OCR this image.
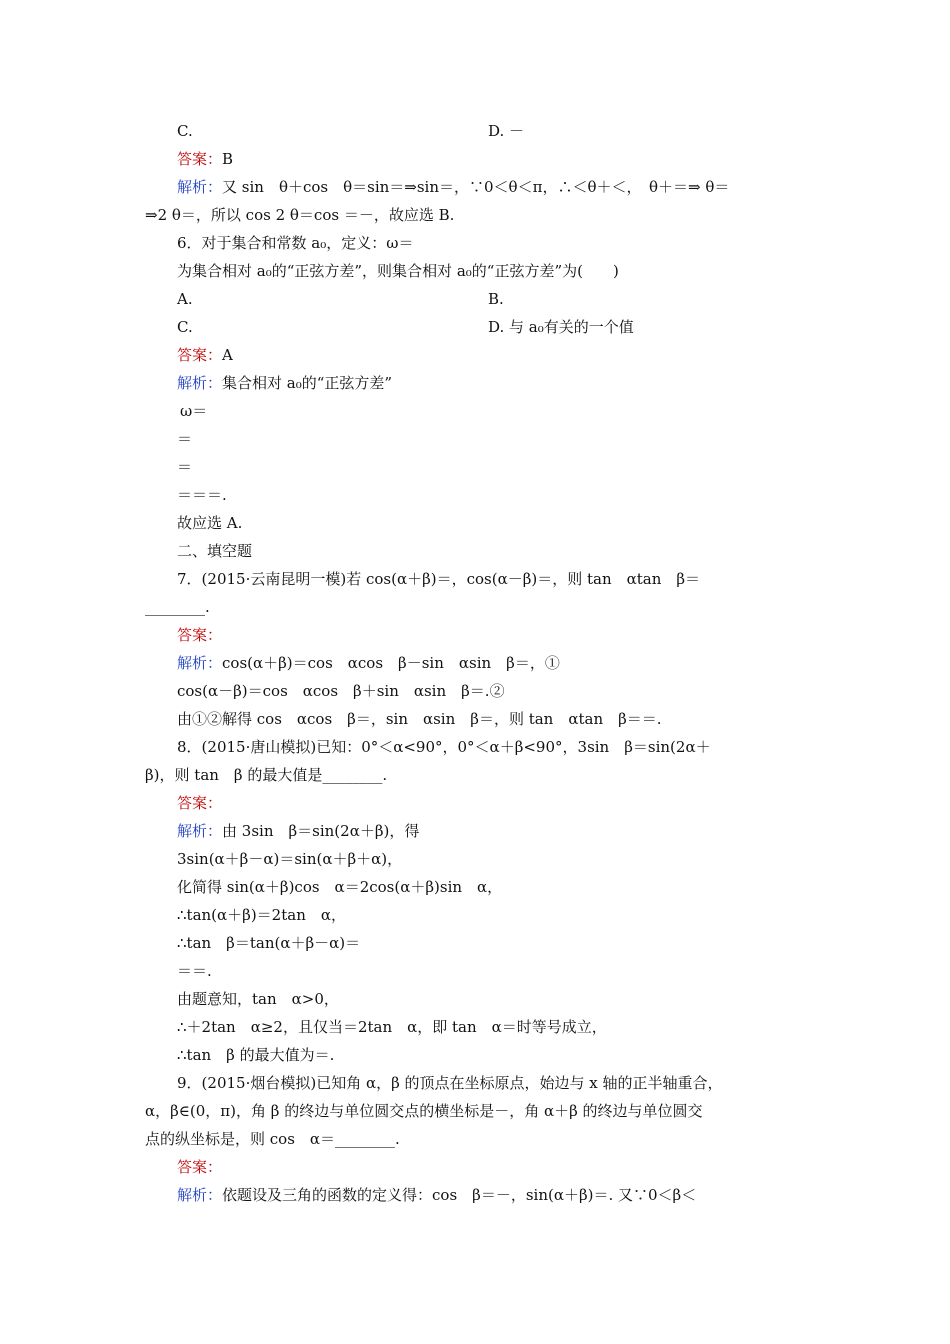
C.	D. －
答案：B
解析：又 sin　θ＋cos　θ＝sin＝⇒sin＝，∵0＜θ＜π，∴＜θ＋＜，　θ＋＝⇒ θ＝
⇒2 θ＝，所以 cos 2 θ＝cos ＝－，故应选 B.
6．对于集合和常数 a₀，定义：ω＝
为集合相对 a₀的“正弦方差”，则集合相对 a₀的“正弦方差”为(　　)
A.	B.
C.	D. 与 a₀有关的一个值
答案：A
解析：集合相对 a₀的“正弦方差”
ω＝
＝
＝
＝＝＝.
故应选 A.
二、填空题
7．(2015·云南昆明一模)若 cos(α＋β)＝，cos(α－β)＝，则 tan　αtan　β＝
________.
答案：
解析：cos(α＋β)＝cos　αcos　β－sin　αsin　β＝，①
cos(α－β)＝cos　αcos　β＋sin　αsin　β＝.②
由①②解得 cos　αcos　β＝，sin　αsin　β＝，则 tan　αtan　β＝＝.
8．(2015·唐山模拟)已知：0°＜α<90°，0°＜α＋β<90°，3sin　β＝sin(2α＋
β)，则 tan　β 的最大值是________.
答案：
解析：由 3sin　β＝sin(2α＋β)，得
3sin(α＋β－α)＝sin(α＋β＋α)，
化简得 sin(α＋β)cos　α＝2cos(α＋β)sin　α，
∴tan(α＋β)＝2tan　α，
∴tan　β＝tan(α＋β－α)＝
＝＝.
由题意知，tan　α>0，
∴＋2tan　α≥2，且仅当＝2tan　α，即 tan　α＝时等号成立，
∴tan　β 的最大值为＝.
9．(2015·烟台模拟)已知角 α，β 的顶点在坐标原点，始边与 x 轴的正半轴重合，
α，β∈(0，π)，角 β 的终边与单位圆交点的横坐标是－，角 α＋β 的终边与单位圆交
点的纵坐标是，则 cos　α＝________.
答案：
解析：依题设及三角的函数的定义得：cos　β＝－，sin(α＋β)＝. 又∵0＜β＜
